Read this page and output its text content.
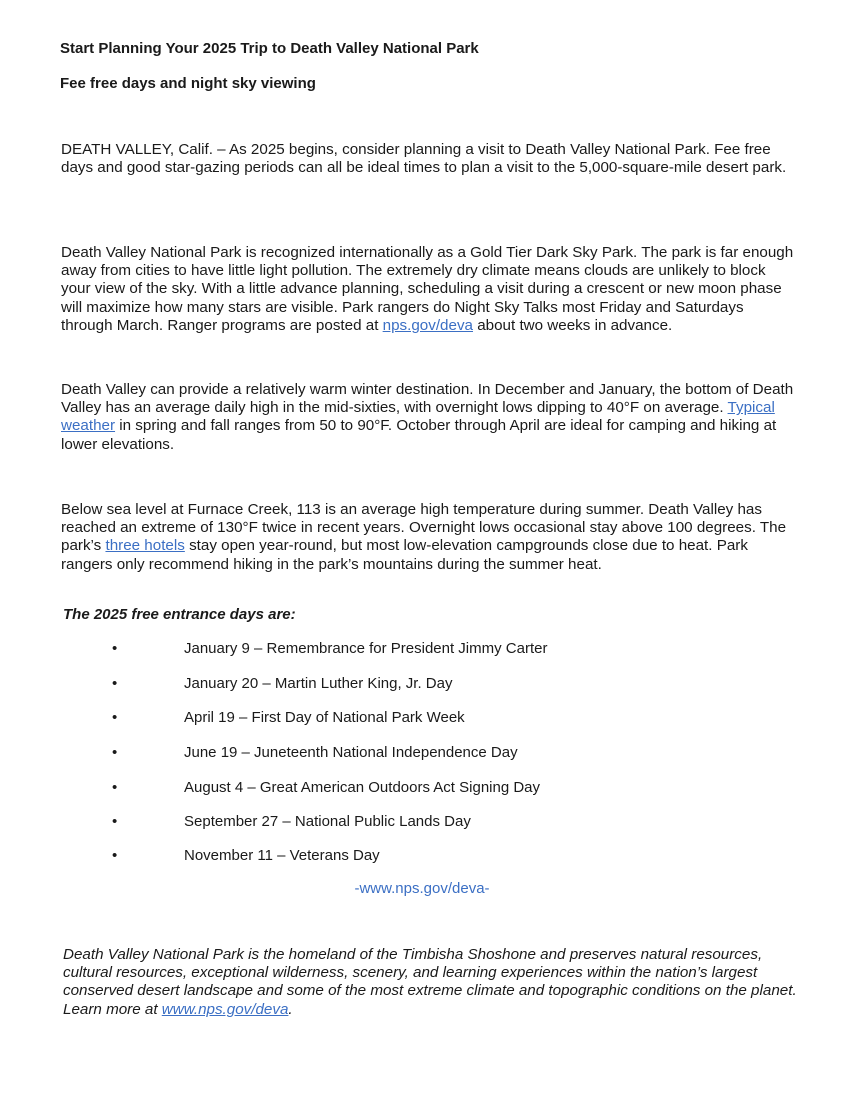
Start Planning Your 2025 Trip to Death Valley National Park
Fee free days and night sky viewing

DEATH VALLEY, Calif. – As 2025 begins, consider planning a visit to Death Valley National Park. Fee free days and good star-gazing periods can all be ideal times to plan a visit to the 5,000-square-mile desert park.

Death Valley National Park is recognized internationally as a Gold Tier Dark Sky Park. The park is far enough away from cities to have little light pollution. The extremely dry climate means clouds are unlikely to block your view of the sky. With a little advance planning, scheduling a visit during a crescent or new moon phase will maximize how many stars are visible. Park rangers do Night Sky Talks most Friday and Saturdays through March. Ranger programs are posted at nps.gov/deva about two weeks in advance.

Death Valley can provide a relatively warm winter destination. In December and January, the bottom of Death Valley has an average daily high in the mid-sixties, with overnight lows dipping to 40°F on average. Typical weather in spring and fall ranges from 50 to 90°F. October through April are ideal for camping and hiking at lower elevations.

Below sea level at Furnace Creek, 113 is an average high temperature during summer. Death Valley has reached an extreme of 130°F twice in recent years. Overnight lows occasional stay above 100 degrees. The park’s three hotels stay open year-round, but most low-elevation campgrounds close due to heat. Park rangers only recommend hiking in the park’s mountains during the summer heat.

The 2025 free entrance days are:

•	January 9 – Remembrance for President Jimmy Carter
•	January 20 – Martin Luther King, Jr. Day
•	April 19 – First Day of National Park Week
•	June 19 – Juneteenth National Independence Day
•	August 4 – Great American Outdoors Act Signing Day
•	September 27 – National Public Lands Day
•	November 11 – Veterans Day

-www.nps.gov/deva-

Death Valley National Park is the homeland of the Timbisha Shoshone and preserves natural resources, cultural resources, exceptional wilderness, scenery, and learning experiences within the nation’s largest conserved desert landscape and some of the most extreme climate and topographic conditions on the planet. Learn more at www.nps.gov/deva.
